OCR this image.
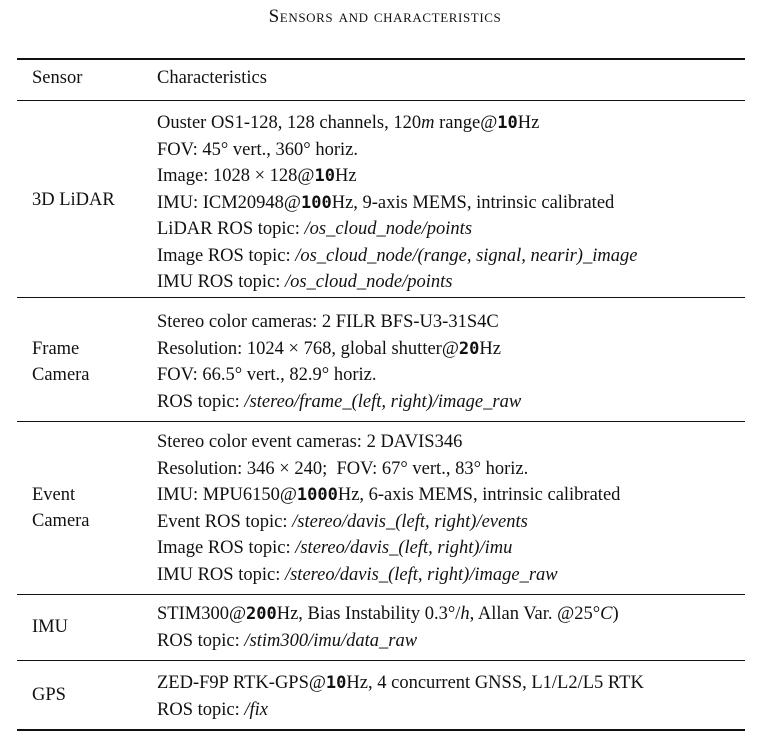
Sensors and characteristics
Sensor	Characteristics
3D LiDAR
Ouster OS1-128, 128 channels, 120m range@10Hz
FOV: 45° vert., 360° horiz.
Image: 1028 × 128@10Hz
IMU: ICM20948@100Hz, 9-axis MEMS, intrinsic calibrated
LiDAR ROS topic: /os_cloud_node/points
Image ROS topic: /os_cloud_node/(range, signal, nearir)_image
IMU ROS topic: /os_cloud_node/points
Frame
Camera
Stereo color cameras: 2 FILR BFS-U3-31S4C
Resolution: 1024 × 768, global shutter@20Hz
FOV: 66.5° vert., 82.9° horiz.
ROS topic: /stereo/frame_(left, right)/image_raw
Event
Camera
Stereo color event cameras: 2 DAVIS346
Resolution: 346 × 240;  FOV: 67° vert., 83° horiz.
IMU: MPU6150@1000Hz, 6-axis MEMS, intrinsic calibrated
Event ROS topic: /stereo/davis_(left, right)/events
Image ROS topic: /stereo/davis_(left, right)/imu
IMU ROS topic: /stereo/davis_(left, right)/image_raw
IMU
STIM300@200Hz, Bias Instability 0.3°/h, Allan Var. @25°C)
ROS topic: /stim300/imu/data_raw
GPS
ZED-F9P RTK-GPS@10Hz, 4 concurrent GNSS, L1/L2/L5 RTK
ROS topic: /fix
